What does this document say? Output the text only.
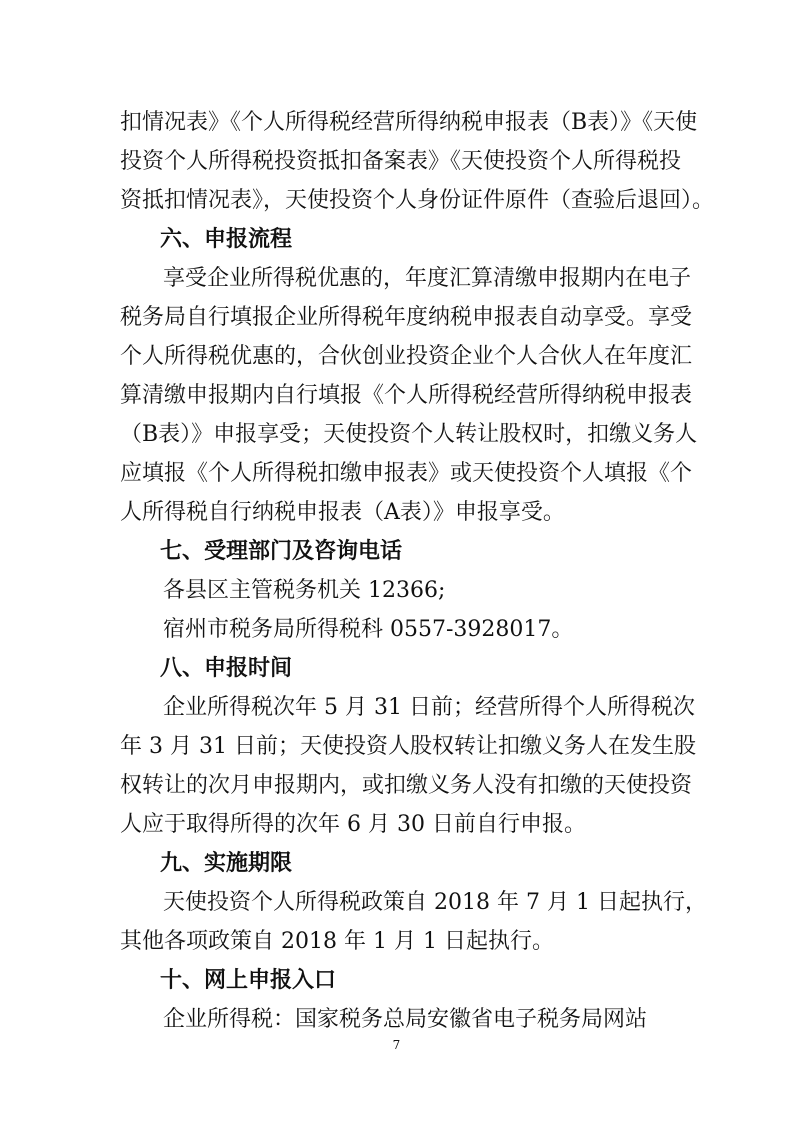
扣情况表》《个人所得税经营所得纳税申报表（B表）》《天使
投资个人所得税投资抵扣备案表》《天使投资个人所得税投
资抵扣情况表》，天使投资个人身份证件原件（查验后退回）。
六、申报流程
享受企业所得税优惠的，年度汇算清缴申报期内在电子
税务局自行填报企业所得税年度纳税申报表自动享受。享受
个人所得税优惠的，合伙创业投资企业个人合伙人在年度汇
算清缴申报期内自行填报《个人所得税经营所得纳税申报表
（B表）》申报享受；天使投资个人转让股权时，扣缴义务人
应填报《个人所得税扣缴申报表》或天使投资个人填报《个
人所得税自行纳税申报表（A表）》申报享受。
七、受理部门及咨询电话
各县区主管税务机关 12366;
宿州市税务局所得税科 0557-3928017。
八、申报时间
企业所得税次年 5 月 31 日前；经营所得个人所得税次
年 3 月 31 日前；天使投资人股权转让扣缴义务人在发生股
权转让的次月申报期内，或扣缴义务人没有扣缴的天使投资
人应于取得所得的次年 6 月 30 日前自行申报。
九、实施期限
天使投资个人所得税政策自 2018 年 7 月 1 日起执行，
其他各项政策自 2018 年 1 月 1 日起执行。
十、网上申报入口
企业所得税：国家税务总局安徽省电子税务局网站
7
